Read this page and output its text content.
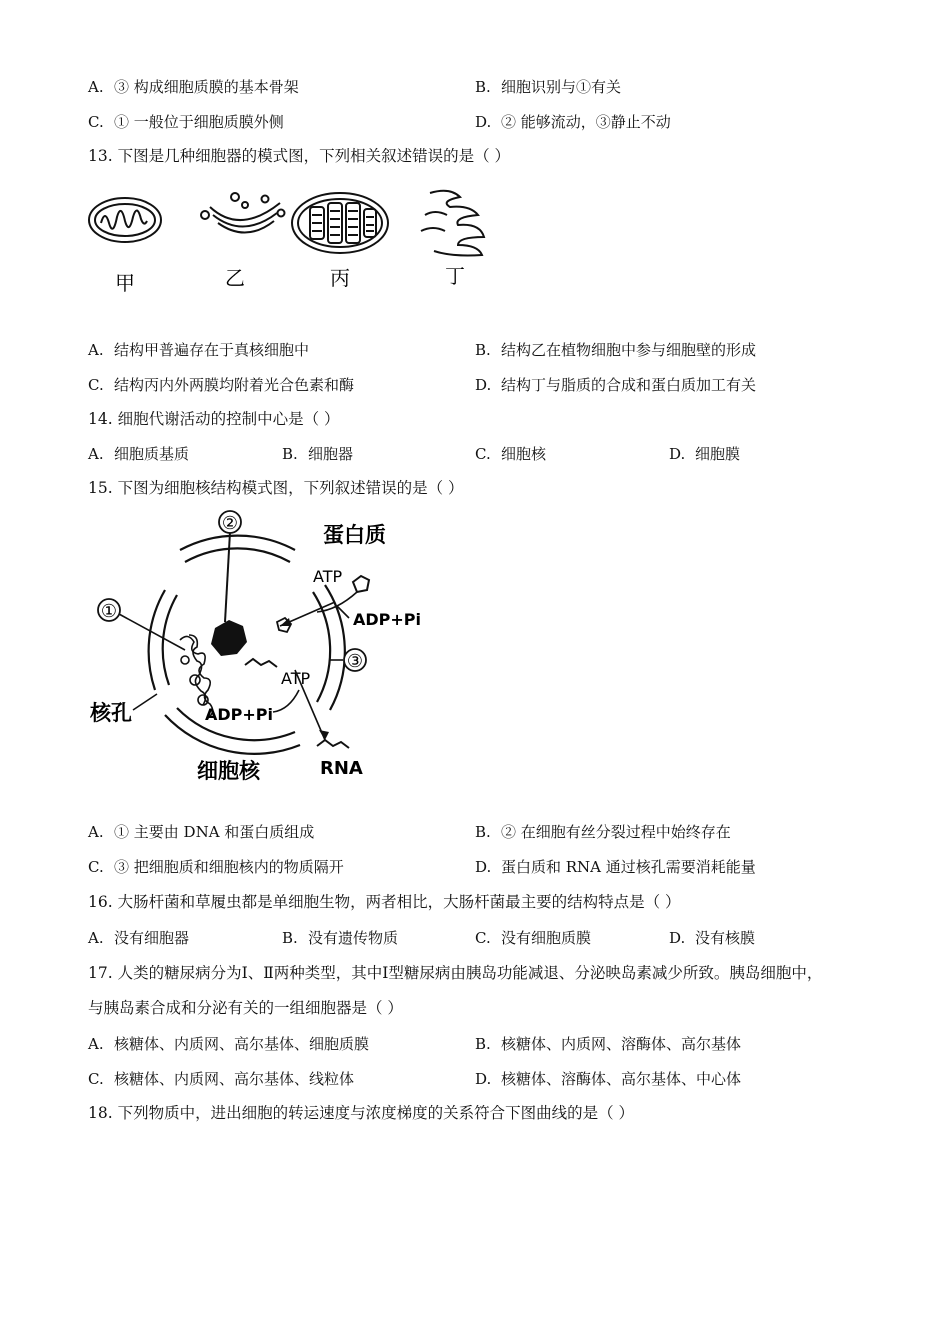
A. ③ 构成细胞质膜的基本骨架	B. 细胞识别与①有关
C. ① 一般位于细胞质膜外侧	D. ② 能够流动，③静止不动
13. 下图是几种细胞器的模式图，下列相关叙述错误的是（ ）
甲	乙	丙	丁
A. 结构甲普遍存在于真核细胞中	B. 结构乙在植物细胞中参与细胞壁的形成
C. 结构丙内外两膜均附着光合色素和酶	D. 结构丁与脂质的合成和蛋白质加工有关
14. 细胞代谢活动的控制中心是（ ）
A. 细胞质基质	B. 细胞器	C. 细胞核	D. 细胞膜
15. 下图为细胞核结构模式图，下列叙述错误的是（ ）
②
①
③
蛋白质
ATP
ADP+Pi
ATP
ADP+Pi
RNA
核孔
细胞核
A. ① 主要由 DNA 和蛋白质组成	B. ② 在细胞有丝分裂过程中始终存在
C. ③ 把细胞质和细胞核内的物质隔开	D. 蛋白质和 RNA 通过核孔需要消耗能量
16. 大肠杆菌和草履虫都是单细胞生物，两者相比，大肠杆菌最主要的结构特点是（ ）
A. 没有细胞器	B. 没有遗传物质	C. 没有细胞质膜	D. 没有核膜
17. 人类的糖尿病分为Ⅰ、Ⅱ两种类型，其中Ⅰ型糖尿病由胰岛功能减退、分泌映岛素减少所致。胰岛细胞中，
与胰岛素合成和分泌有关的一组细胞器是（ ）
A. 核糖体、内质网、高尔基体、细胞质膜	B. 核糖体、内质网、溶酶体、高尔基体
C. 核糖体、内质网、高尔基体、线粒体	D. 核糖体、溶酶体、高尔基体、中心体
18. 下列物质中，进出细胞的转运速度与浓度梯度的关系符合下图曲线的是（ ）
